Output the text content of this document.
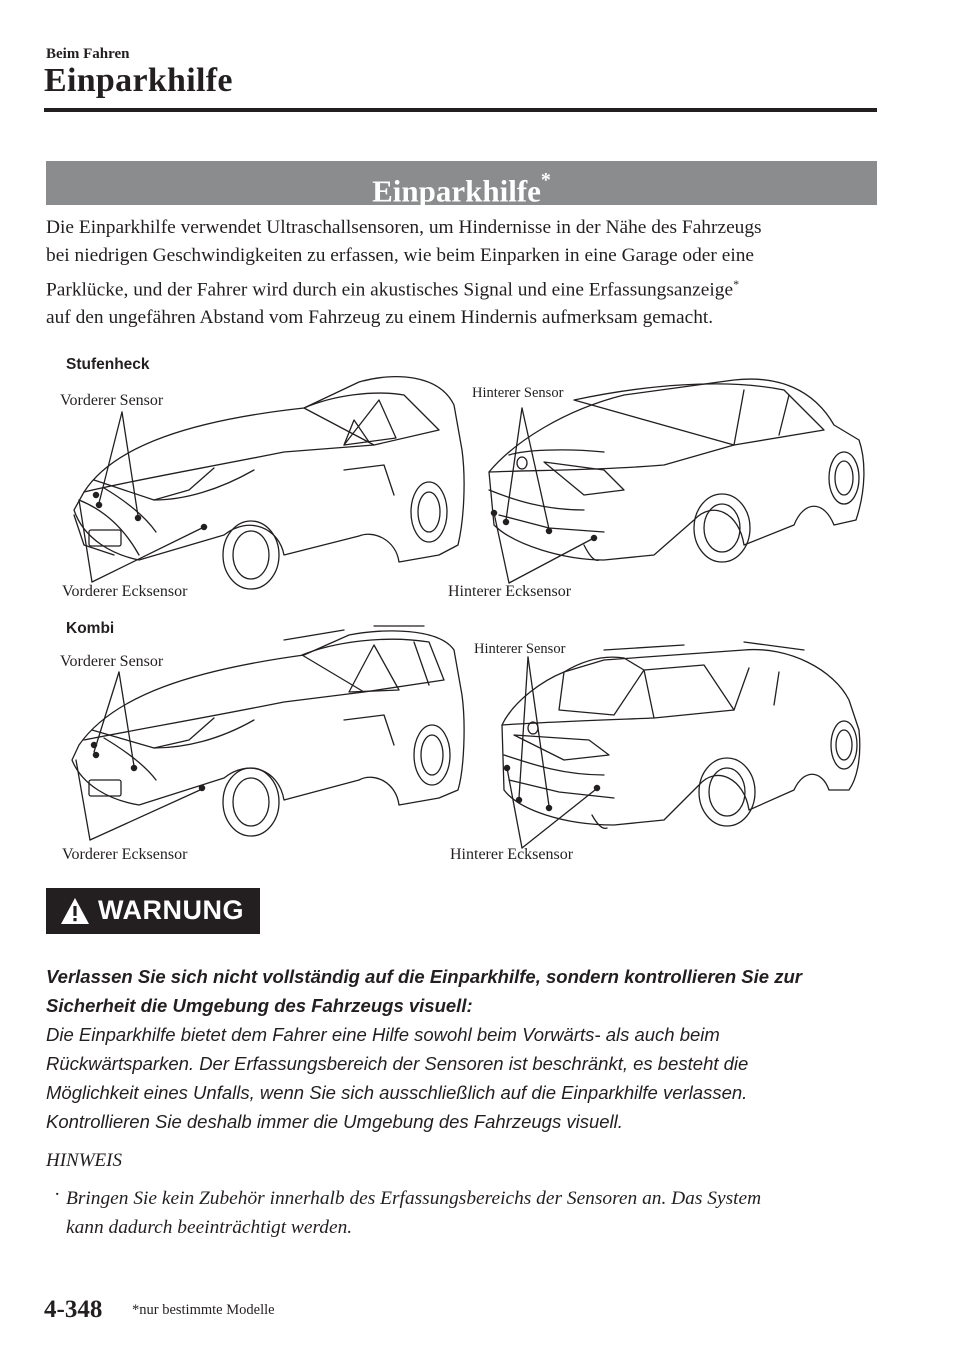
Beim Fahren
Einparkhilfe
Einparkhilfe*

Die Einparkhilfe verwendet Ultraschallsensoren, um Hindernisse in der Nähe des Fahrzeugs

bei niedrigen Geschwindigkeiten zu erfassen, wie beim Einparken in eine Garage oder eine

Parklücke, und der Fahrer wird durch ein akustisches Signal und eine Erfassungsanzeige*

auf den ungefähren Abstand vom Fahrzeug zu einem Hindernis aufmerksam gemacht.

Stufenheck
Vorderer Sensor
Vorderer Ecksensor
Hinterer Sensor
Hinterer Ecksensor
Kombi
Vorderer Sensor
Vorderer Ecksensor
Hinterer Sensor
Hinterer Ecksensor
WARNUNG

Verlassen Sie sich nicht vollständig auf die Einparkhilfe, sondern kontrollieren Sie zur

Sicherheit die Umgebung des Fahrzeugs visuell:

Die Einparkhilfe bietet dem Fahrer eine Hilfe sowohl beim Vorwärts- als auch beim

Rückwärtsparken. Der Erfassungsbereich der Sensoren ist beschränkt, es besteht die

Möglichkeit eines Unfalls, wenn Sie sich ausschließlich auf die Einparkhilfe verlassen.

Kontrollieren Sie deshalb immer die Umgebung des Fahrzeugs visuell.

HINWEIS
· Bringen Sie kein Zubehör innerhalb des Erfassungsbereichs der Sensoren an. Das System

kann dadurch beeinträchtigt werden.

4-348 *nur bestimmte Modelle
